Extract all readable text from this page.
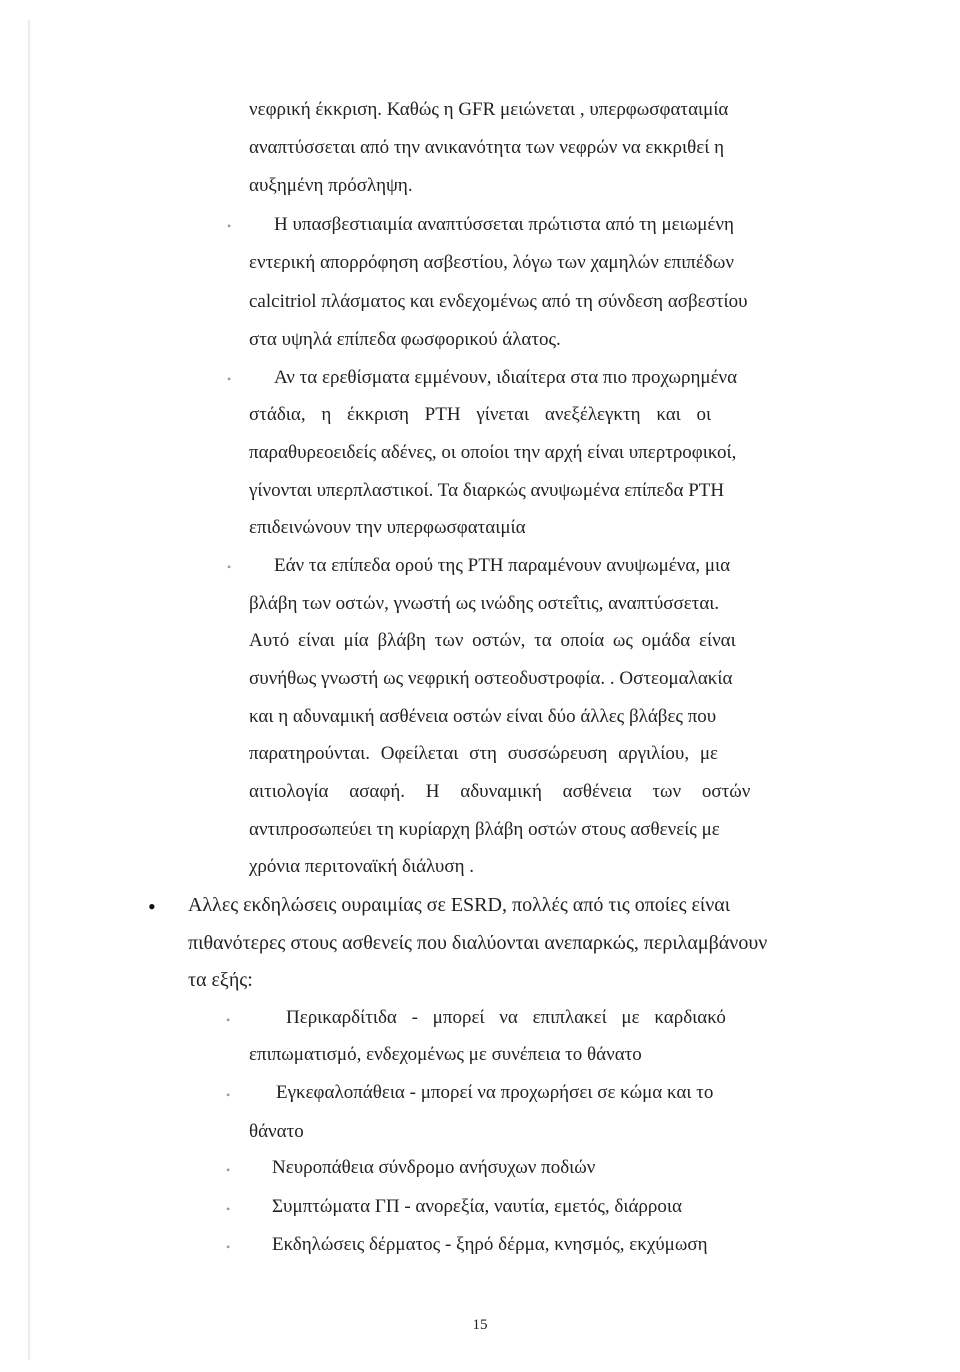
νεφρική έκκριση. Καθώς η GFR μειώνεται , υπερφωσφαταιμία
αναπτύσσεται από την ανικανότητα των νεφρών να εκκριθεί η
αυξημένη πρόσληψη.
• Η υπασβεστιαιμία αναπτύσσεται πρώτιστα από τη μειωμένη
εντερική απορρόφηση ασβεστίου, λόγω των χαμηλών επιπέδων
calcitriol πλάσματος και ενδεχομένως από τη σύνδεση ασβεστίου
στα υψηλά επίπεδα φωσφορικού άλατος.
• Αν τα ερεθίσματα εμμένουν, ιδιαίτερα στα πιο προχωρημένα
στάδια, η έκκριση PTH γίνεται ανεξέλεγκτη και οι
παραθυρεοειδείς αδένες, οι οποίοι την αρχή είναι υπερτροφικοί,
γίνονται υπερπλαστικοί. Τα διαρκώς ανυψωμένα επίπεδα PTH
επιδεινώνουν την υπερφωσφαταιμία
• Εάν τα επίπεδα ορού της PTH παραμένουν ανυψωμένα, μια
βλάβη των οστών, γνωστή ως ινώδης οστεΐτις, αναπτύσσεται.
Αυτό είναι μία βλάβη των οστών, τα οποία ως ομάδα είναι
συνήθως γνωστή ως νεφρική οστεοδυστροφία. . Οστεομαλακία
και η αδυναμική ασθένεια οστών είναι δύο άλλες βλάβες που
παρατηρούνται. Οφείλεται στη συσσώρευση αργιλίου, με
αιτιολογία ασαφή. Η αδυναμική ασθένεια των οστών
αντιπροσωπεύει τη κυρίαρχη βλάβη οστών στους ασθενείς με
χρόνια περιτοναϊκή διάλυση .
• Αλλες εκδηλώσεις ουραιμίας σε ESRD, πολλές από τις οποίες είναι
πιθανότερες στους ασθενείς που διαλύονται ανεπαρκώς, περιλαμβάνουν
τα εξής:
•	Περικαρδίτιδα - μπορεί να επιπλακεί με καρδιακό
επιπωματισμό, ενδεχομένως με συνέπεια το θάνατο
• Εγκεφαλοπάθεια - μπορεί να προχωρήσει σε κώμα και το
θάνατο
• Νευροπάθεια σύνδρομο ανήσυχων ποδιών
• Συμπτώματα ΓΠ - ανορεξία, ναυτία, εμετός, διάρροια
• Εκδηλώσεις δέρματος - ξηρό δέρμα, κνησμός, εκχύμωση
15
